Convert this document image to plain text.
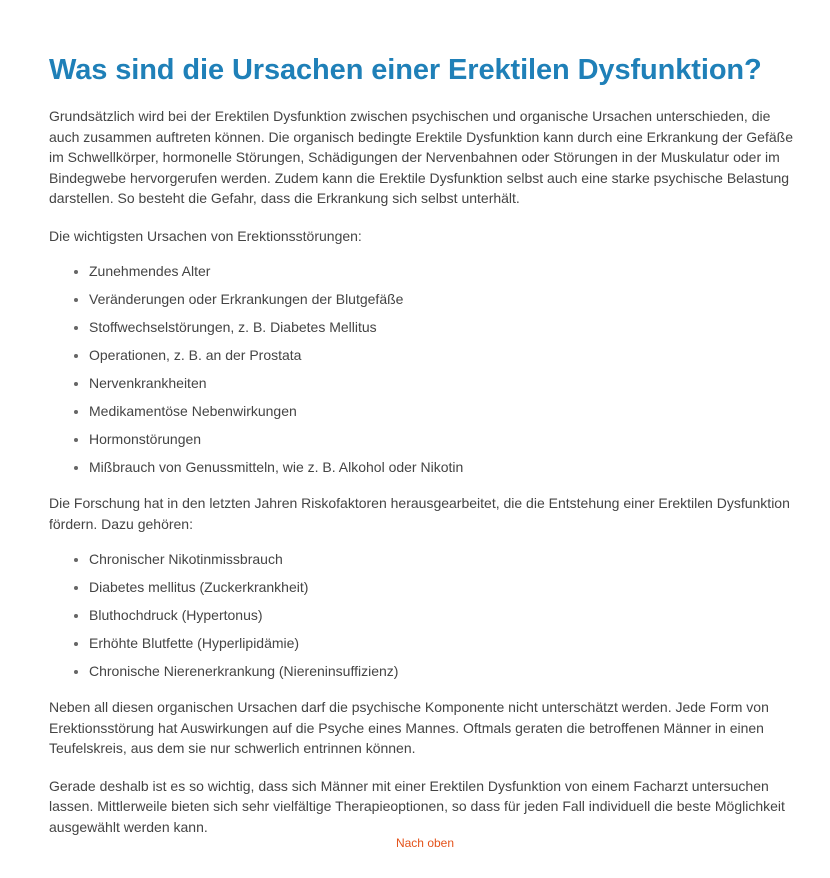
Was sind die Ursachen einer Erektilen Dysfunktion?

Grundsätzlich wird bei der Erektilen Dysfunktion zwischen psychischen und organische Ursachen unterschieden, die auch zusammen auftreten können. Die organisch bedingte Erektile Dysfunktion kann durch eine Erkrankung der Gefäße im Schwellkörper, hormonelle Störungen, Schädigungen der Nervenbahnen oder Störungen in der Muskulatur oder im Bindegwebe hervorgerufen werden. Zudem kann die Erektile Dysfunktion selbst auch eine starke psychische Belastung darstellen. So besteht die Gefahr, dass die Erkrankung sich selbst unterhält.

Die wichtigsten Ursachen von Erektionsstörungen:

• Zunehmendes Alter
• Veränderungen oder Erkrankungen der Blutgefäße
• Stoffwechselstörungen, z. B. Diabetes Mellitus
• Operationen, z. B. an der Prostata
• Nervenkrankheiten
• Medikamentöse Nebenwirkungen
• Hormonstörungen
• Mißbrauch von Genussmitteln, wie z. B. Alkohol oder Nikotin

Die Forschung hat in den letzten Jahren Riskofaktoren herausgearbeitet, die die Entstehung einer Erektilen Dysfunktion fördern. Dazu gehören:

• Chronischer Nikotinmissbrauch
• Diabetes mellitus (Zuckerkrankheit)
• Bluthochdruck (Hypertonus)
• Erhöhte Blutfette (Hyperlipidämie)
• Chronische Nierenerkrankung (Niereninsuffizienz)

Neben all diesen organischen Ursachen darf die psychische Komponente nicht unterschätzt werden. Jede Form von Erektionsstörung hat Auswirkungen auf die Psyche eines Mannes. Oftmals geraten die betroffenen Männer in einen Teufelskreis, aus dem sie nur schwerlich entrinnen können.

Gerade deshalb ist es so wichtig, dass sich Männer mit einer Erektilen Dysfunktion von einem Facharzt untersuchen lassen. Mittlerweile bieten sich sehr vielfältige Therapieoptionen, so dass für jeden Fall individuell die beste Möglichkeit ausgewählt werden kann.

Nach oben
